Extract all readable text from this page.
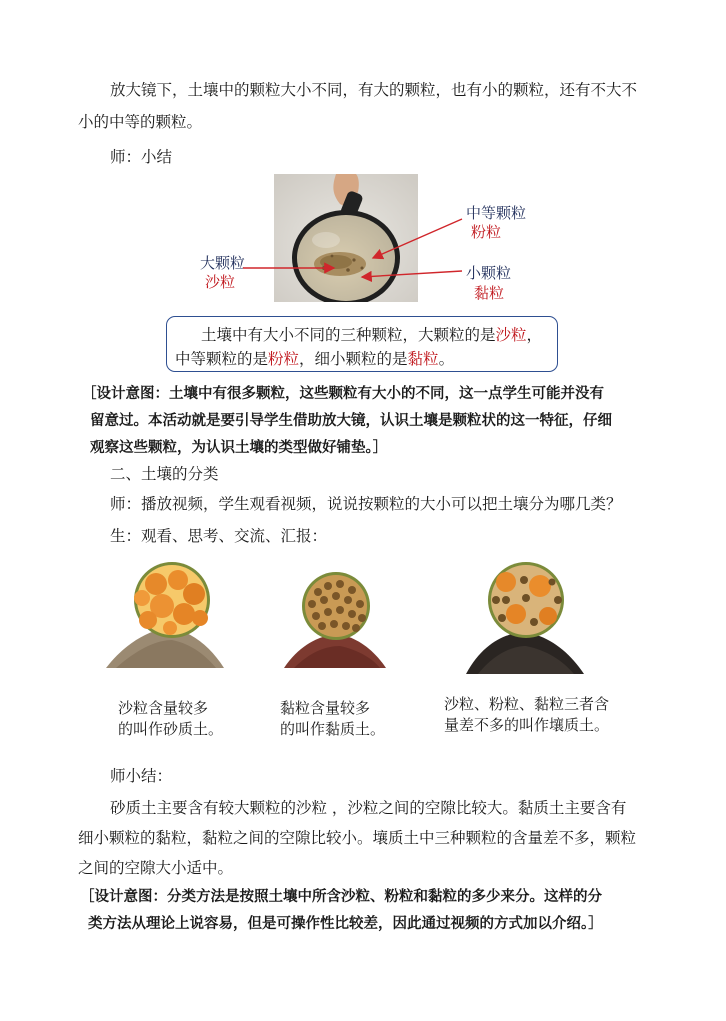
放大镜下，土壤中的颗粒大小不同，有大的颗粒，也有小的颗粒，还有不大不
小的中等的颗粒。
师：小结
大颗粒
沙粒
中等颗粒
粉粒
小颗粒
黏粒
土壤中有大小不同的三种颗粒，大颗粒的是沙粒，
中等颗粒的是粉粒，细小颗粒的是黏粒。
［设计意图：土壤中有很多颗粒，这些颗粒有大小的不同，这一点学生可能并没有
留意过。本活动就是要引导学生借助放大镜，认识土壤是颗粒状的这一特征，仔细
观察这些颗粒，为认识土壤的类型做好铺垫。］
二、土壤的分类
师：播放视频，学生观看视频，说说按颗粒的大小可以把土壤分为哪几类？
生：观看、思考、交流、汇报：
沙粒含量较多
的叫作砂质土。
黏粒含量较多
的叫作黏质土。
沙粒、粉粒、黏粒三者含
量差不多的叫作壤质土。
师小结：
砂质土主要含有较大颗粒的沙粒 ，沙粒之间的空隙比较大。黏质土主要含有
细小颗粒的黏粒，黏粒之间的空隙比较小。壤质土中三种颗粒的含量差不多，颗粒
之间的空隙大小适中。
［设计意图：分类方法是按照土壤中所含沙粒、粉粒和黏粒的多少来分。这样的分
类方法从理论上说容易，但是可操作性比较差，因此通过视频的方式加以介绍。］
